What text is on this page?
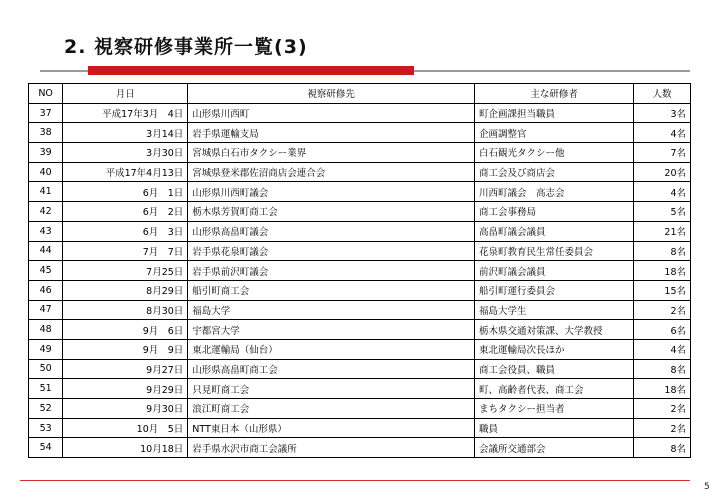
2. 視察研修事業所一覧(3)
NO	月日	視察研修先	主な研修者	人数
37	平成17年3月　4日	山形県川西町	町企画課担当職員	3名
38	3月14日	岩手県運輸支局	企画調整官	4名
39	3月30日	宮城県白石市タクシー業界	白石観光タクシー他	7名
40	平成17年4月13日	宮城県登米郡佐沼商店会連合会	商工会及び商店会	20名
41	6月　1日	山形県川西町議会	川西町議会　高志会	4名
42	6月　2日	栃木県芳賀町商工会	商工会事務局	5名
43	6月　3日	山形県高畠町議会	高畠町議会議員	21名
44	7月　7日	岩手県花泉町議会	花泉町教育民生常任委員会	8名
45	7月25日	岩手県前沢町議会	前沢町議会議員	18名
46	8月29日	船引町商工会	船引町運行委員会	15名
47	8月30日	福島大学	福島大学生	2名
48	9月　6日	宇都宮大学	栃木県交通対策課、大学教授	6名
49	9月　9日	東北運輸局（仙台）	東北運輸局次長ほか	4名
50	9月27日	山形県高畠町商工会	商工会役員、職員	8名
51	9月29日	只見町商工会	町、高齢者代表、商工会	18名
52	9月30日	浪江町商工会	まちタクシー担当者	2名
53	10月　5日	NTT東日本（山形県）	職員	2名
54	10月18日	岩手県水沢市商工会議所	会議所交通部会	8名
5
